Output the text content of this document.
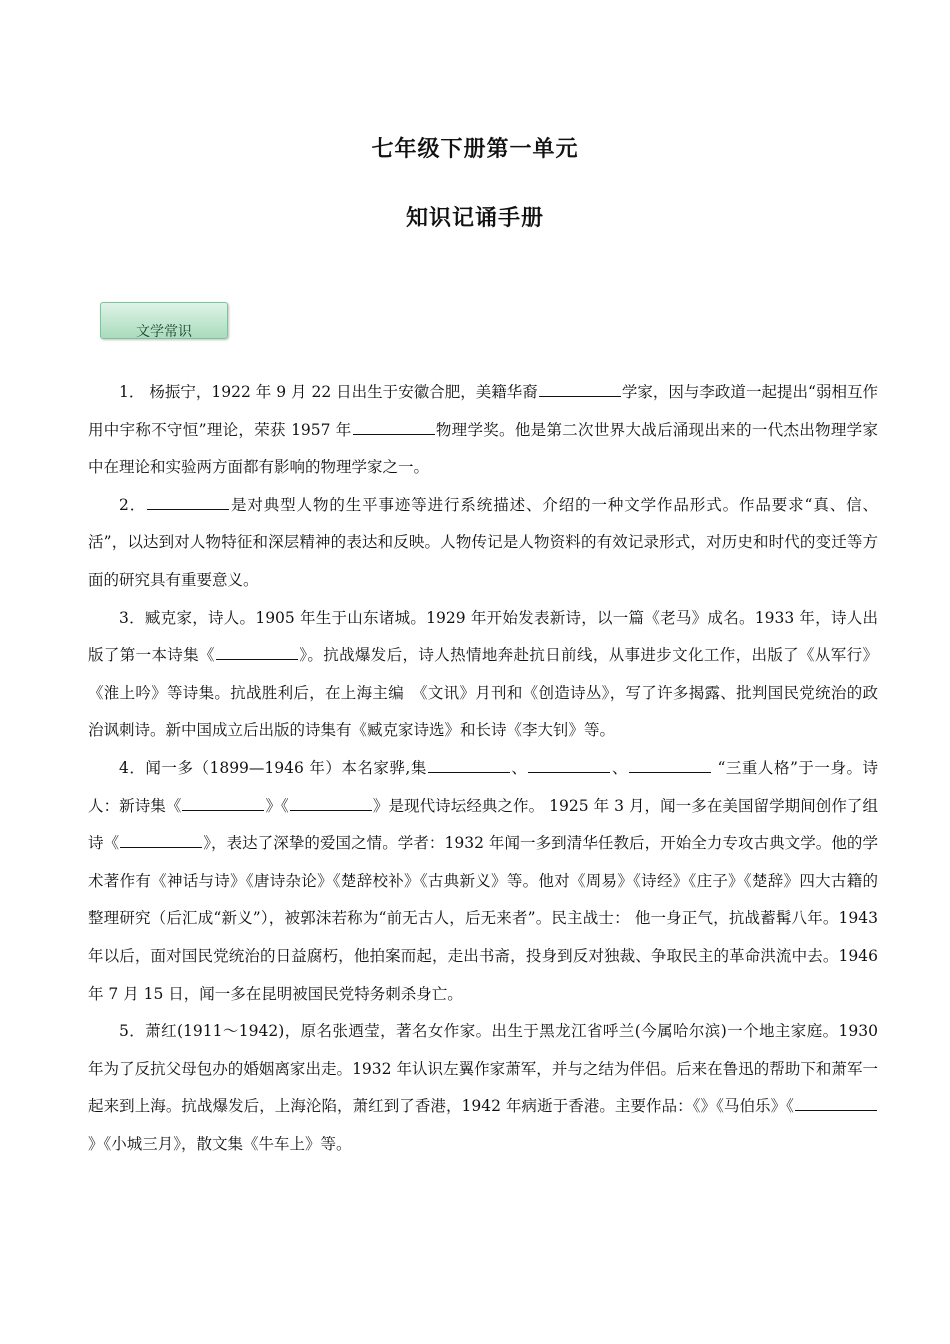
七年级下册第一单元
知识记诵手册
文学常识

1． 杨振宁，1922 年 9 月 22 日出生于安徽合肥，美籍华裔	学家，因与李政道一起提出“弱相互作用中宇称不守恒”理论，荣获 1957 年	物理学奖。他是第二次世界大战后涌现出来的一代杰出物理学家中在理论和实验两方面都有影响的物理学家之一。

2．	是对典型人物的生平事迹等进行系统描述、介绍的一种文学作品形式。作品要求“真、信、活”，以达到对人物特征和深层精神的表达和反映。人物传记是人物资料的有效记录形式，对历史和时代的变迁等方面的研究具有重要意义。

3．臧克家，诗人。1905 年生于山东诸城。1929 年开始发表新诗，以一篇《老马》成名。1933 年，诗人出版了第一本诗集《	》。抗战爆发后，诗人热情地奔赴抗日前线，从事进步文化工作，出版了《从军行》《淮上吟》等诗集。抗战胜利后，在上海主编　《文讯》月刊和《创造诗丛》，写了许多揭露、批判国民党统治的政治讽刺诗。新中国成立后出版的诗集有《臧克家诗选》和长诗《李大钊》等。

4．闻一多（1899—1946 年）本名家骅,集	、	、	“三重人格”于一身。诗人：新诗集《	》《	》是现代诗坛经典之作。 1925 年 3 月，闻一多在美国留学期间创作了组诗《	》，表达了深挚的爱国之情。学者：1932 年闻一多到清华任教后，开始全力专攻古典文学。他的学术著作有《神话与诗》《唐诗杂论》《楚辞校补》《古典新义》等。他对《周易》《诗经》《庄子》《楚辞》四大古籍的整理研究（后汇成“新义”），被郭沫若称为“前无古人，后无来者”。民主战士： 他一身正气，抗战蓄髯八年。1943 年以后，面对国民党统治的日益腐朽，他拍案而起，走出书斋，投身到反对独裁、争取民主的革命洪流中去。1946 年 7 月 15 日，闻一多在昆明被国民党特务刺杀身亡。

5．萧红(1911～1942)，原名张迺莹，著名女作家。出生于黑龙江省呼兰(今属哈尔滨)一个地主家庭。1930 年为了反抗父母包办的婚姻离家出走。1932 年认识左翼作家萧军，并与之结为伴侣。后来在鲁迅的帮助下和萧军一起来到上海。抗战爆发后，上海沦陷，萧红到了香港，1942 年病逝于香港。主要作品：《》《马伯乐》《》《小城三月》，散文集《牛车上》等。
